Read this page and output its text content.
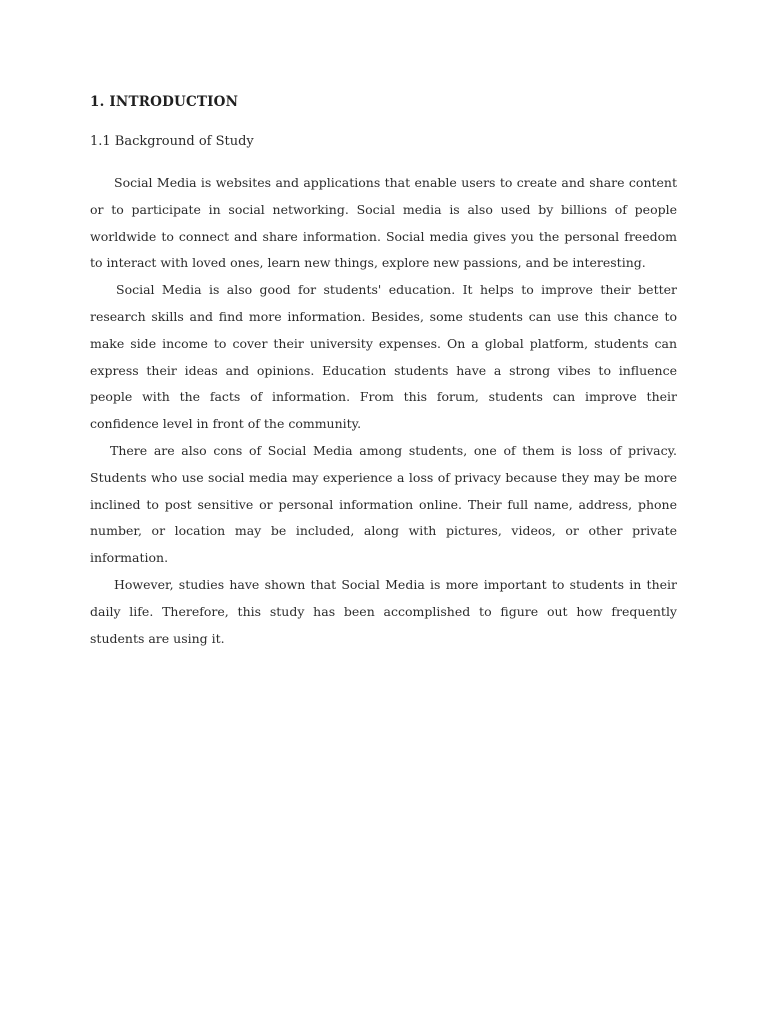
1. INTRODUCTION
1.1 Background of Study

Social Media is websites and applications that enable users to create and share content or to participate in social networking. Social media is also used by billions of people worldwide to connect and share information. Social media gives you the personal freedom to interact with loved ones, learn new things, explore new passions, and be interesting.

Social Media is also good for students' education. It helps to improve their better research skills and find more information. Besides, some students can use this chance to make side income to cover their university expenses. On a global platform, students can express their ideas and opinions. Education students have a strong vibes to influence people with the facts of information. From this forum, students can improve their confidence level in front of the community.

There are also cons of Social Media among students, one of them is loss of privacy. Students who use social media may experience a loss of privacy because they may be more inclined to post sensitive or personal information online. Their full name, address, phone number, or location may be included, along with pictures, videos, or other private information.

However, studies have shown that Social Media is more important to students in their daily life. Therefore, this study has been accomplished to figure out how frequently students are using it.
